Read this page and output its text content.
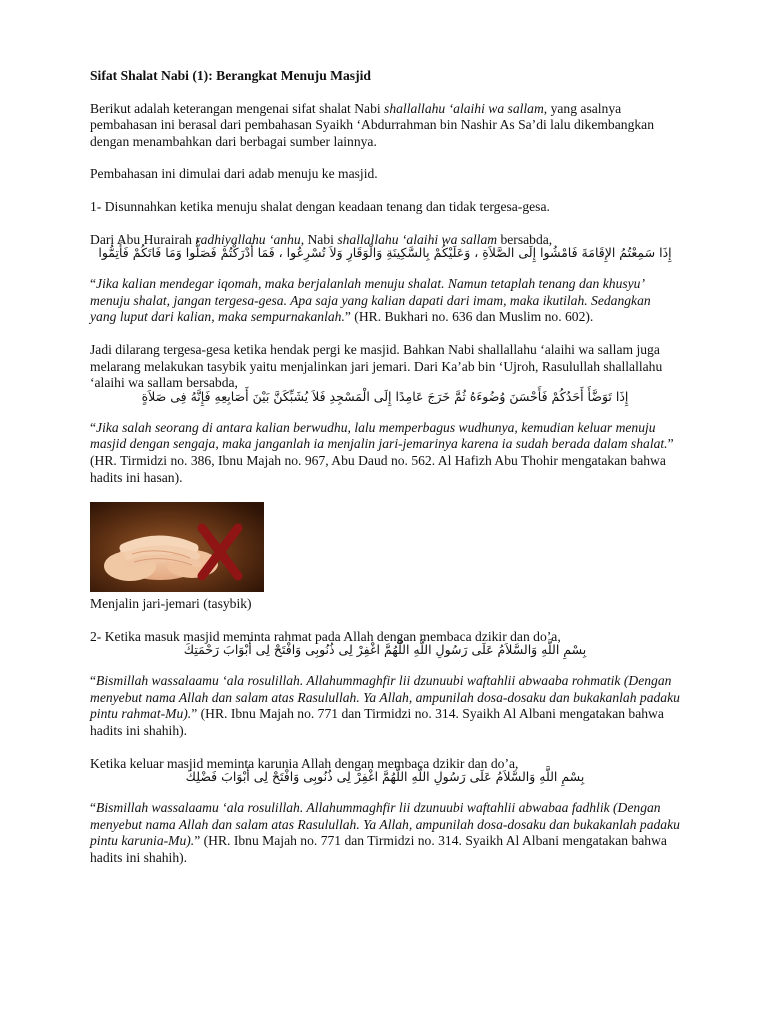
Sifat Shalat Nabi (1): Berangkat Menuju Masjid

Berikut adalah keterangan mengenai sifat shalat Nabi shallallahu ‘alaihi wa sallam, yang asalnya pembahasan ini berasal dari pembahasan Syaikh ‘Abdurrahman bin Nashir As Sa’di lalu dikembangkan dengan menambahkan dari berbagai sumber lainnya.

Pembahasan ini dimulai dari adab menuju ke masjid.

1- Disunnahkan ketika menuju shalat dengan keadaan tenang dan tidak tergesa-gesa.

Dari Abu Hurairah radhiyallahu ‘anhu, Nabi shallallahu ‘alaihi wa sallam bersabda,

إِذَا سَمِعْتُمُ الإِقَامَةَ فَامْشُوا إِلَى الصَّلاَةِ ، وَعَلَيْكُمْ بِالسَّكِينَةِ وَالْوَقَارِ وَلاَ تُسْرِعُوا ، فَمَا أَدْرَكْتُمْ فَصَلُّوا وَمَا فَاتَكُمْ فَأَتِمُّوا

“Jika kalian mendegar iqomah, maka berjalanlah menuju shalat. Namun tetaplah tenang dan khusyu’ menuju shalat, jangan tergesa-gesa. Apa saja yang kalian dapati dari imam, maka ikutilah. Sedangkan yang luput dari kalian, maka sempurnakanlah.” (HR. Bukhari no. 636 dan Muslim no. 602).

Jadi dilarang tergesa-gesa ketika hendak pergi ke masjid. Bahkan Nabi shallallahu ‘alaihi wa sallam juga melarang melakukan tasybik yaitu menjalinkan jari jemari. Dari Ka’ab bin ‘Ujroh, Rasulullah shallallahu ‘alaihi wa sallam bersabda,

إِذَا تَوَضَّأَ أَحَدُكُمْ فَأَحْسَنَ وُضُوءَهُ ثُمَّ خَرَجَ عَامِدًا إِلَى الْمَسْجِدِ فَلاَ يُشَبِّكَنَّ بَيْنَ أَصَابِعِهِ فَإِنَّهُ فِى صَلاَةٍ

“Jika salah seorang di antara kalian berwudhu, lalu memperbagus wudhunya, kemudian keluar menuju masjid dengan sengaja, maka janganlah ia menjalin jari-jemarinya karena ia sudah berada dalam shalat.” (HR. Tirmidzi no. 386, Ibnu Majah no. 967, Abu Daud no. 562. Al Hafizh Abu Thohir mengatakan bahwa hadits ini hasan).

Menjalin jari-jemari (tasybik)

2- Ketika masuk masjid meminta rahmat pada Allah dengan membaca dzikir dan do’a,

بِسْمِ اللَّهِ وَالسَّلاَمُ عَلَى رَسُولِ اللَّهِ اللَّهُمَّ اغْفِرْ لِى ذُنُوبِى وَافْتَحْ لِى أَبْوَابَ رَحْمَتِكَ

“Bismillah wassalaamu ‘ala rosulillah. Allahummaghfir lii dzunuubi waftahlii abwaaba rohmatik (Dengan menyebut nama Allah dan salam atas Rasulullah. Ya Allah, ampunilah dosa-dosaku dan bukakanlah padaku pintu rahmat-Mu).” (HR. Ibnu Majah no. 771 dan Tirmidzi no. 314. Syaikh Al Albani mengatakan bahwa hadits ini shahih).

Ketika keluar masjid meminta karunia Allah dengan membaca dzikir dan do’a,

بِسْمِ اللَّهِ وَالسَّلاَمُ عَلَى رَسُولِ اللَّهِ اللَّهُمَّ اغْفِرْ لِى ذُنُوبِى وَافْتَحْ لِى أَبْوَابَ فَضْلِكَ

“Bismillah wassalaamu ‘ala rosulillah. Allahummaghfir lii dzunuubi waftahlii abwabaa fadhlik (Dengan menyebut nama Allah dan salam atas Rasulullah. Ya Allah, ampunilah dosa-dosaku dan bukakanlah padaku pintu karunia-Mu).” (HR. Ibnu Majah no. 771 dan Tirmidzi no. 314. Syaikh Al Albani mengatakan bahwa hadits ini shahih).
